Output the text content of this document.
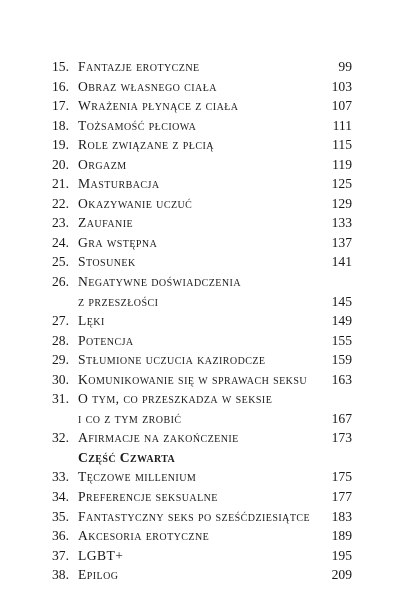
15. Fantazje erotyczne	99
16. Obraz własnego ciała	103
17. Wrażenia płynące z ciała	107
18. Tożsamość płciowa	111
19. Role związane z płcią	115
20. Orgazm	119
21. Masturbacja	125
22. Okazywanie uczuć	129
23. Zaufanie	133
24. Gra wstępna	137
25. Stosunek	141
26. Negatywne doświadczenia
z przeszłości	145
27. Lęki	149
28. Potencja	155
29. Stłumione uczucia kazirodcze	159
30. Komunikowanie się w sprawach seksu	163
31. O tym, co przeszkadza w seksie
i co z tym zrobić	167
32. Afirmacje na zakończenie	173
Część Czwarta
33. Tęczowe millenium	175
34. Preferencje seksualne	177
35. Fantastyczny seks po sześćdziesiątce	183
36. Akcesoria erotyczne	189
37. LGBT+	195
38. Epilog	209
